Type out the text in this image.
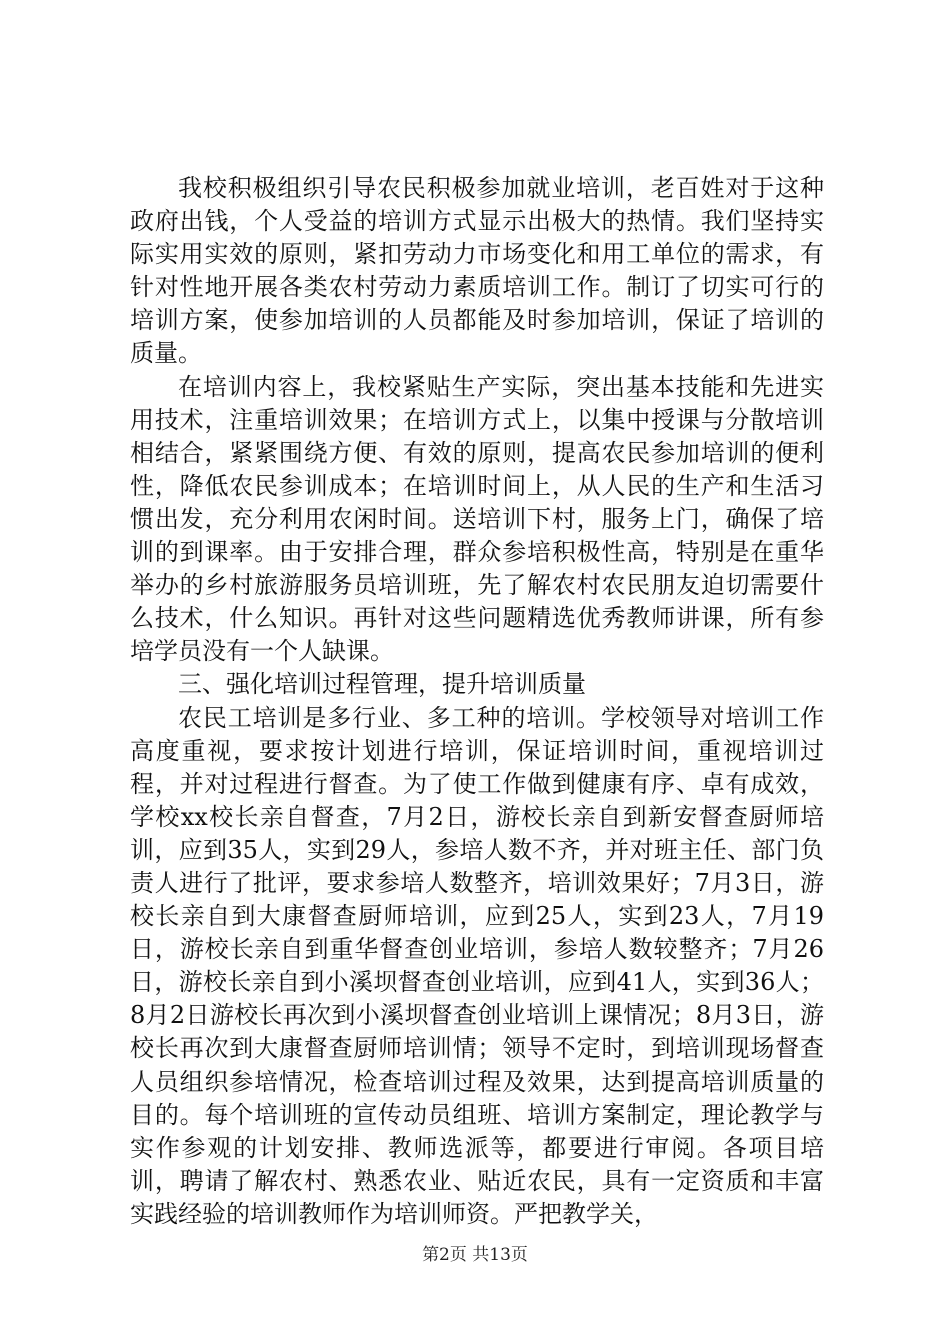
我校积极组织引导农民积极参加就业培训，老百姓对于这种政府出钱，个人受益的培训方式显示出极大的热情。我们坚持实际实用实效的原则，紧扣劳动力市场变化和用工单位的需求，有针对性地开展各类农村劳动力素质培训工作。制订了切实可行的培训方案，使参加培训的人员都能及时参加培训，保证了培训的质量。

在培训内容上，我校紧贴生产实际，突出基本技能和先进实用技术，注重培训效果；在培训方式上，以集中授课与分散培训相结合，紧紧围绕方便、有效的原则，提高农民参加培训的便利性，降低农民参训成本；在培训时间上，从人民的生产和生活习惯出发，充分利用农闲时间。送培训下村，服务上门，确保了培训的到课率。由于安排合理，群众参培积极性高，特别是在重华举办的乡村旅游服务员培训班，先了解农村农民朋友迫切需要什么技术，什么知识。再针对这些问题精选优秀教师讲课，所有参培学员没有一个人缺课。

三、强化培训过程管理，提升培训质量

农民工培训是多行业、多工种的培训。学校领导对培训工作高度重视，要求按计划进行培训，保证培训时间，重视培训过程，并对过程进行督查。为了使工作做到健康有序、卓有成效，学校xx校长亲自督查，7月2日，游校长亲自到新安督查厨师培训，应到35人，实到29人，参培人数不齐，并对班主任、部门负责人进行了批评，要求参培人数整齐，培训效果好；7月3日，游校长亲自到大康督查厨师培训，应到25人，实到23人，7月19日，游校长亲自到重华督查创业培训，参培人数较整齐；7月26日，游校长亲自到小溪坝督查创业培训，应到41人，实到36人；8月2日游校长再次到小溪坝督查创业培训上课情况；8月3日，游校长再次到大康督查厨师培训情；领导不定时，到培训现场督查人员组织参培情况，检查培训过程及效果，达到提高培训质量的目的。每个培训班的宣传动员组班、培训方案制定，理论教学与实作参观的计划安排、教师选派等，都要进行审阅。各项目培训，聘请了解农村、熟悉农业、贴近农民，具有一定资质和丰富实践经验的培训教师作为培训师资。严把教学关，

第2页 共13页
